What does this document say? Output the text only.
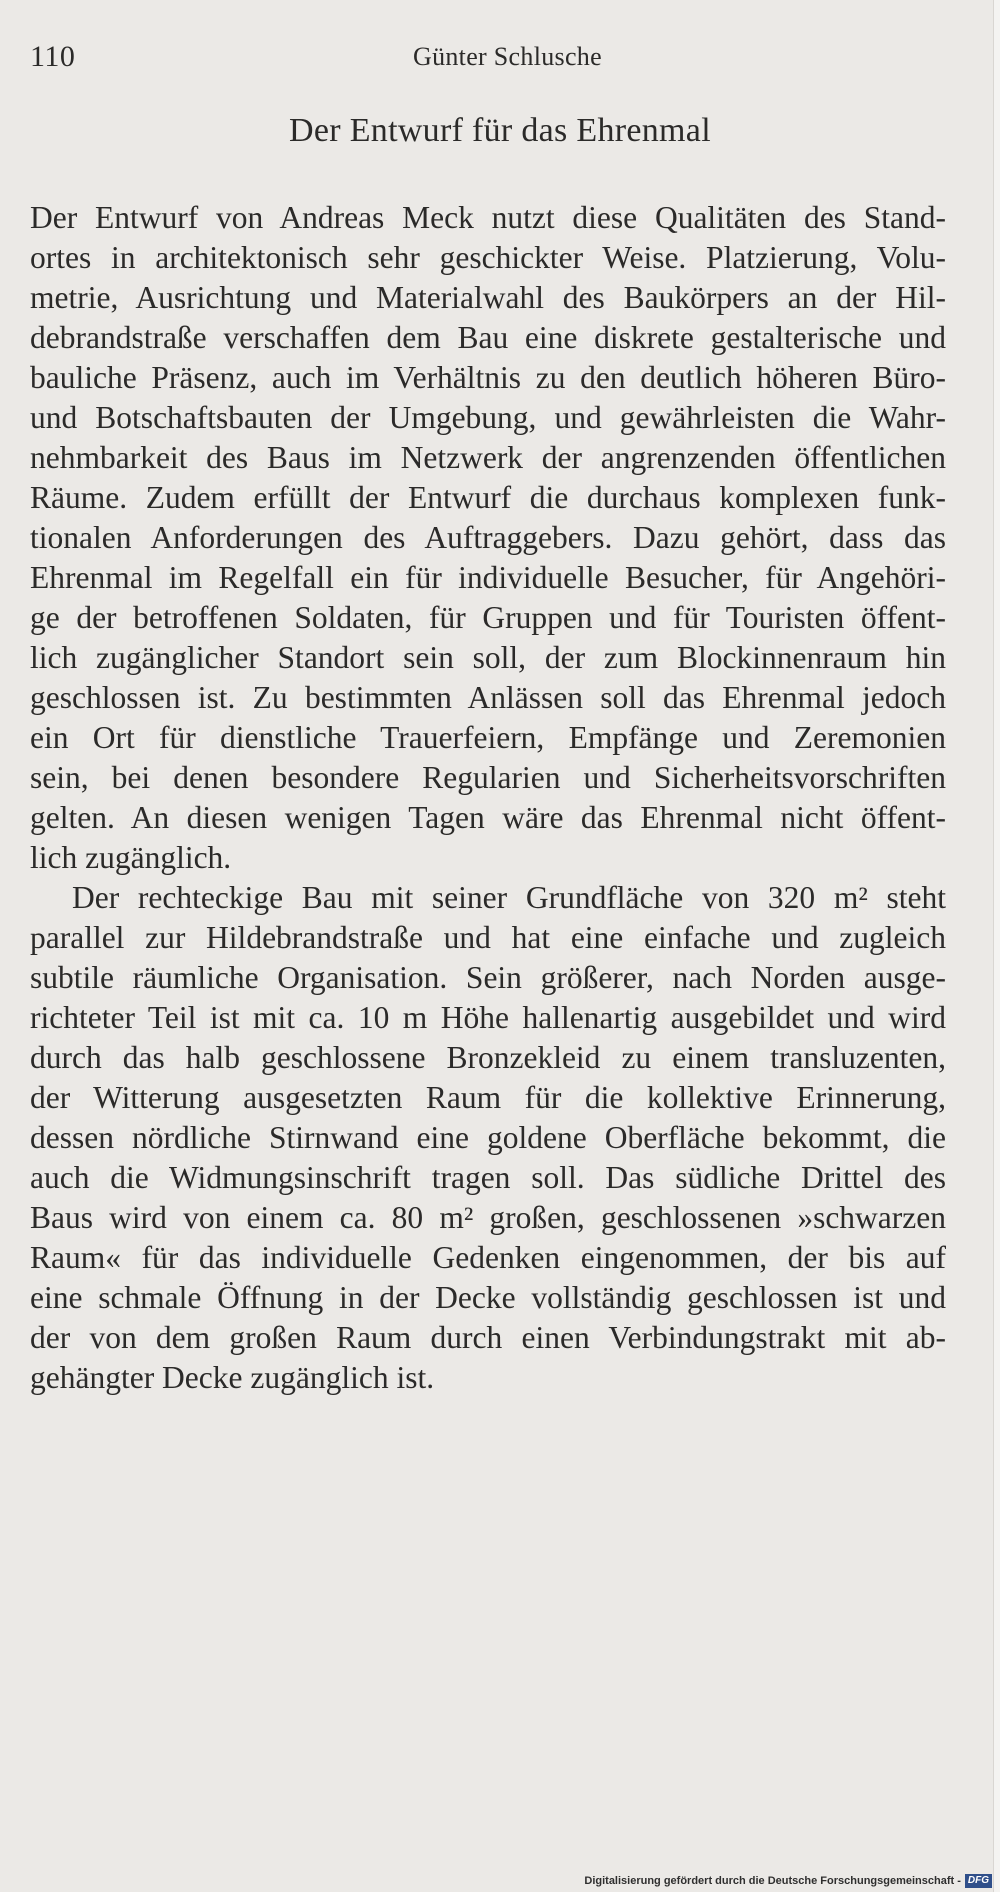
110	Günter Schlusche
Der Entwurf für das Ehrenmal
Der Entwurf von Andreas Meck nutzt diese Qualitäten des Stand-
ortes in architektonisch sehr geschickter Weise. Platzierung, Volu-
metrie, Ausrichtung und Materialwahl des Baukörpers an der Hil-
debrandstraße verschaffen dem Bau eine diskrete gestalterische und
bauliche Präsenz, auch im Verhältnis zu den deutlich höheren Büro-
und Botschaftsbauten der Umgebung, und gewährleisten die Wahr-
nehmbarkeit des Baus im Netzwerk der angrenzenden öffentlichen
Räume. Zudem erfüllt der Entwurf die durchaus komplexen funk-
tionalen Anforderungen des Auftraggebers. Dazu gehört, dass das
Ehrenmal im Regelfall ein für individuelle Besucher, für Angehöri-
ge der betroffenen Soldaten, für Gruppen und für Touristen öffent-
lich zugänglicher Standort sein soll, der zum Blockinnenraum hin
geschlossen ist. Zu bestimmten Anlässen soll das Ehrenmal jedoch
ein Ort für dienstliche Trauerfeiern, Empfänge und Zeremonien
sein, bei denen besondere Regularien und Sicherheitsvorschriften
gelten. An diesen wenigen Tagen wäre das Ehrenmal nicht öffent-
lich zugänglich.
Der rechteckige Bau mit seiner Grundfläche von 320 m² steht
parallel zur Hildebrandstraße und hat eine einfache und zugleich
subtile räumliche Organisation. Sein größerer, nach Norden ausge-
richteter Teil ist mit ca. 10 m Höhe hallenartig ausgebildet und wird
durch das halb geschlossene Bronzekleid zu einem transluzenten,
der Witterung ausgesetzten Raum für die kollektive Erinnerung,
dessen nördliche Stirnwand eine goldene Oberfläche bekommt, die
auch die Widmungsinschrift tragen soll. Das südliche Drittel des
Baus wird von einem ca. 80 m² großen, geschlossenen »schwarzen
Raum« für das individuelle Gedenken eingenommen, der bis auf
eine schmale Öffnung in der Decke vollständig geschlossen ist und
der von dem großen Raum durch einen Verbindungstrakt mit ab-
gehängter Decke zugänglich ist.
Digitalisierung gefördert durch die Deutsche Forschungsgemeinschaft - DFG
